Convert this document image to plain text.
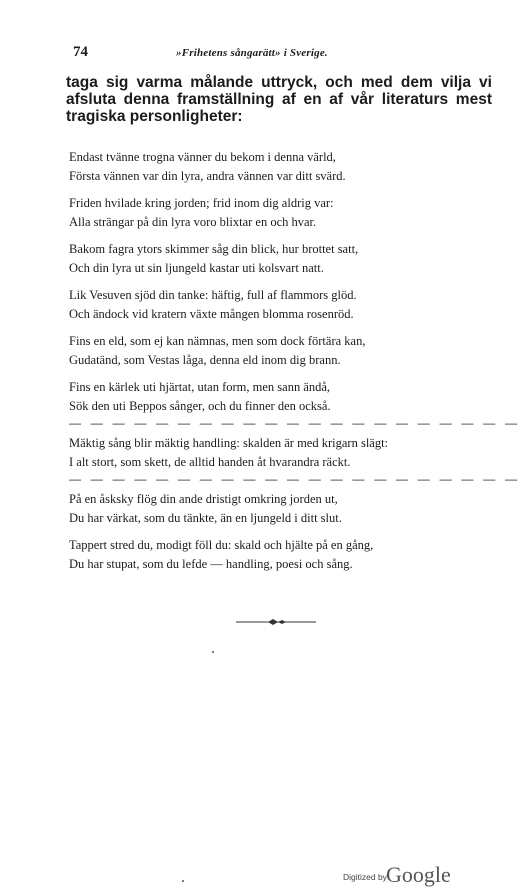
74	»Frihetens sångarätt» i Sverige.
taga sig varma målande uttryck, och med dem vilja vi
afsluta denna framställning af en af vår literaturs mest
tragiska personligheter:
Endast tvänne trogna vänner du bekom i denna värld,
Första vännen var din lyra, andra vännen var ditt svärd.
Friden hvilade kring jorden; frid inom dig aldrig var:
Alla strängar på din lyra voro blixtar en och hvar.
Bakom fagra ytors skimmer såg din blick, hur brottet satt,
Och din lyra ut sin ljungeld kastar uti kolsvart natt.
Lik Vesuven sjöd din tanke: häftig, full af flammors glöd.
Och ändock vid kratern växte mången blomma rosenröd.
Fins en eld, som ej kan nämnas, men som dock förtära kan,
Gudatänd, som Vestas låga, denna eld inom dig brann.
Fins en kärlek uti hjärtat, utan form, men sann ändå,
Sök den uti Beppos sånger, och du finner den också.
— — — — — — — — — — — — — — — — — — — — —
Mäktig sång blir mäktig handling: skalden är med krigarn slägt:
I alt stort, som skett, de alltid handen åt hvarandra räckt.
— — — — — — — — — — — — — — — — — — — — —
På en åsksky flög din ande dristigt omkring jorden ut,
Du har värkat, som du tänkte, än en ljungeld i ditt slut.
Tappert stred du, modigt föll du: skald och hjälte på en gång,
Du har stupat, som du lefde — handling, poesi och sång.
Digitized by Google
